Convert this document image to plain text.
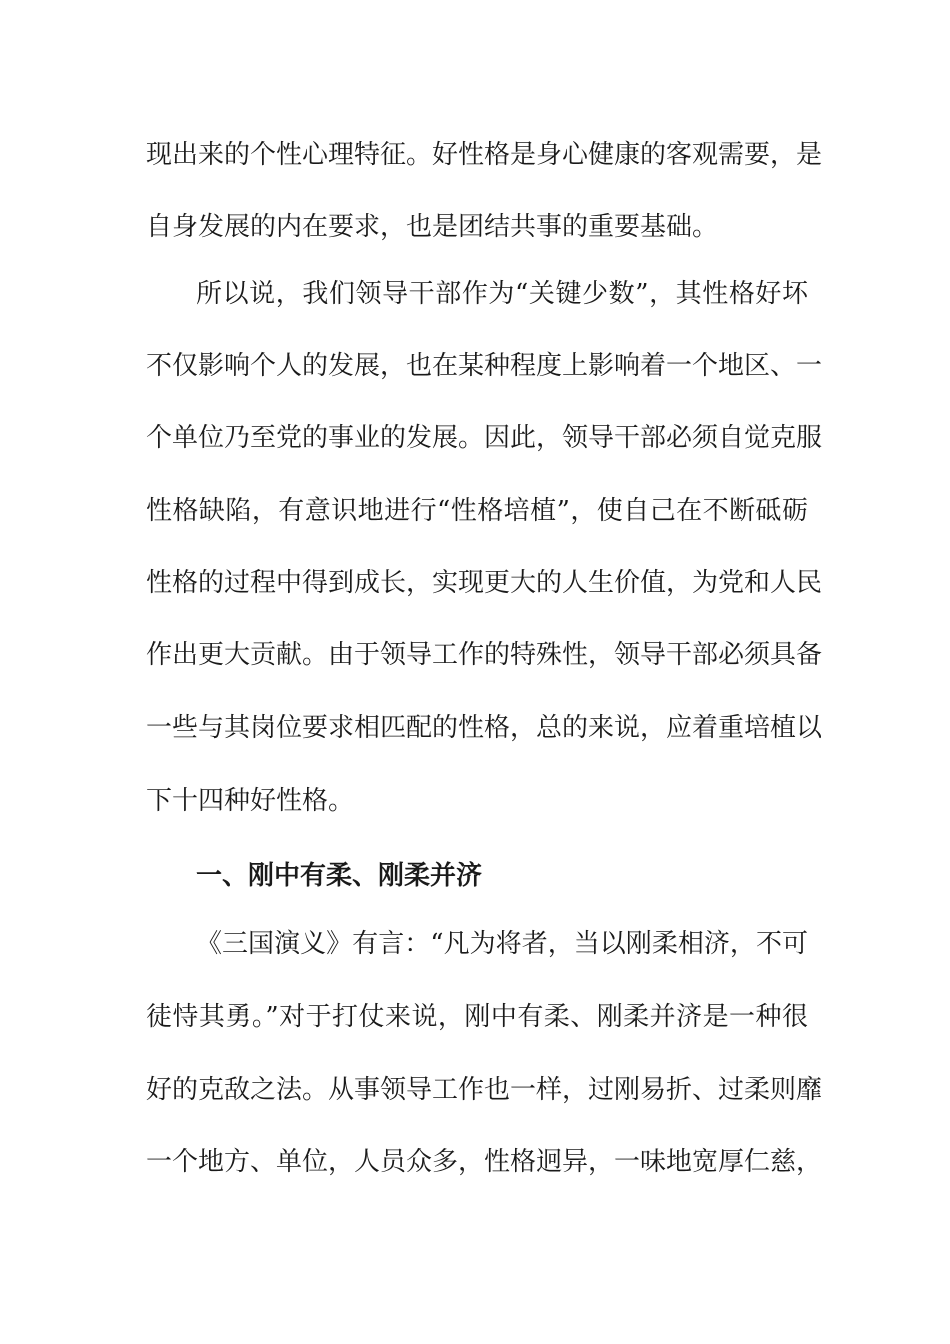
现出来的个性心理特征。好性格是身心健康的客观需要，是
自身发展的内在要求，也是团结共事的重要基础。
所以说，我们领导干部作为“关键少数”，其性格好坏
不仅影响个人的发展，也在某种程度上影响着一个地区、一
个单位乃至党的事业的发展。因此，领导干部必须自觉克服
性格缺陷，有意识地进行“性格培植”，使自己在不断砥砺
性格的过程中得到成长，实现更大的人生价值，为党和人民
作出更大贡献。由于领导工作的特殊性，领导干部必须具备
一些与其岗位要求相匹配的性格，总的来说，应着重培植以
下十四种好性格。
一、刚中有柔、刚柔并济
《三国演义》有言：“凡为将者，当以刚柔相济，不可
徒恃其勇。”对于打仗来说，刚中有柔、刚柔并济是一种很
好的克敌之法。从事领导工作也一样，过刚易折、过柔则靡
一个地方、单位，人员众多，性格迥异，一味地宽厚仁慈，
